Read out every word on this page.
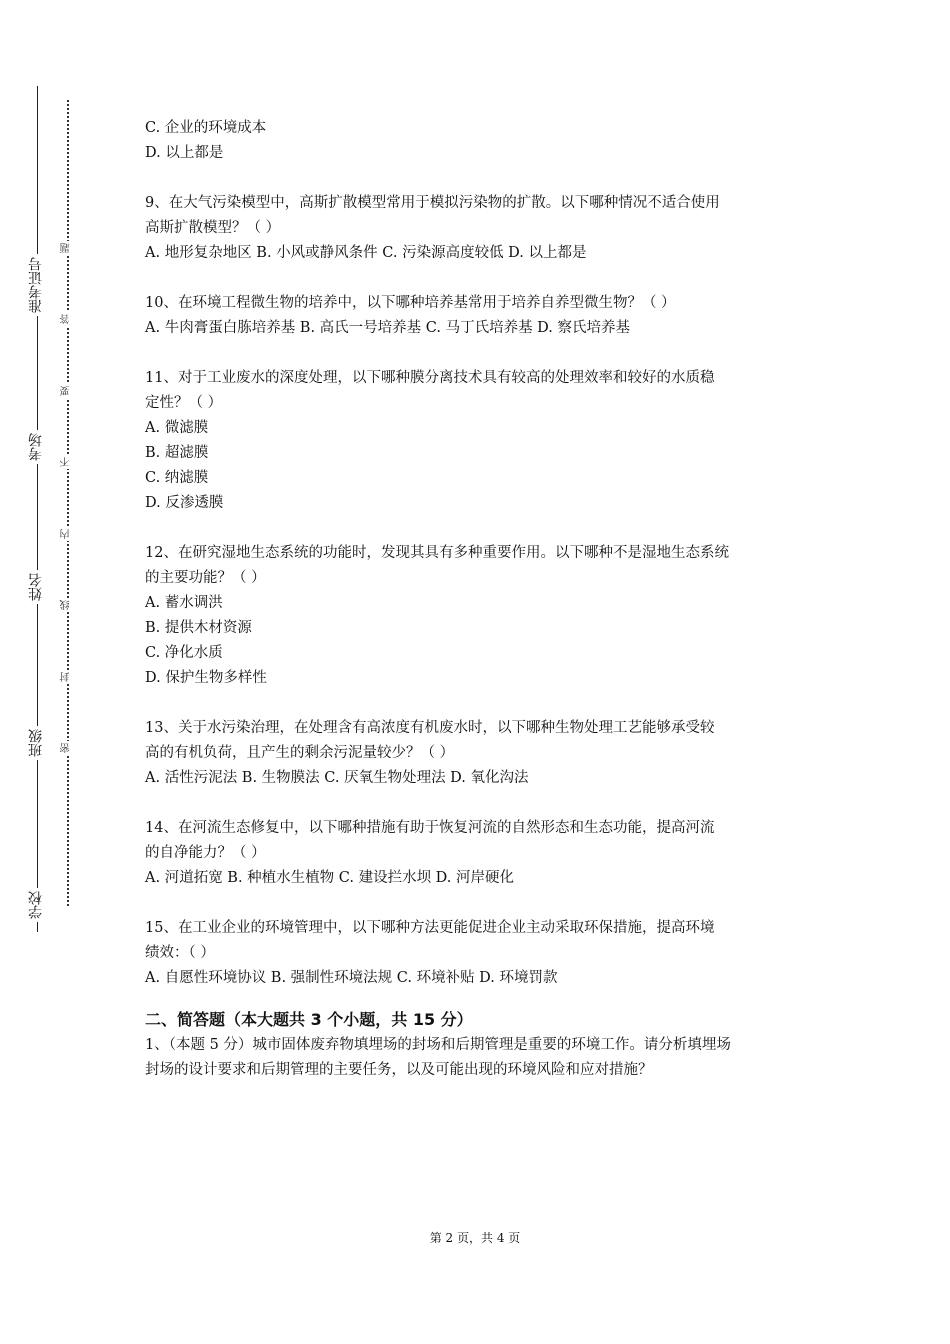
准考证号
考场
姓名
班级
学校
题
答
要
不
内
线
封
密
C. 企业的环境成本
D. 以上都是
9、在大气污染模型中，高斯扩散模型常用于模拟污染物的扩散。以下哪种情况不适合使用
高斯扩散模型？（ ）
A. 地形复杂地区 B. 小风或静风条件 C. 污染源高度较低 D. 以上都是
10、在环境工程微生物的培养中，以下哪种培养基常用于培养自养型微生物？（ ）
A. 牛肉膏蛋白胨培养基 B. 高氏一号培养基 C. 马丁氏培养基 D. 察氏培养基
11、对于工业废水的深度处理，以下哪种膜分离技术具有较高的处理效率和较好的水质稳
定性？（ ）
A. 微滤膜
B. 超滤膜
C. 纳滤膜
D. 反渗透膜
12、在研究湿地生态系统的功能时，发现其具有多种重要作用。以下哪种不是湿地生态系统
的主要功能？（ ）
A. 蓄水调洪
B. 提供木材资源
C. 净化水质
D. 保护生物多样性
13、关于水污染治理，在处理含有高浓度有机废水时，以下哪种生物处理工艺能够承受较
高的有机负荷，且产生的剩余污泥量较少？（ ）
A. 活性污泥法 B. 生物膜法 C. 厌氧生物处理法 D. 氧化沟法
14、在河流生态修复中，以下哪种措施有助于恢复河流的自然形态和生态功能，提高河流
的自净能力？（ ）
A. 河道拓宽 B. 种植水生植物 C. 建设拦水坝 D. 河岸硬化
15、在工业企业的环境管理中，以下哪种方法更能促进企业主动采取环保措施，提高环境
绩效：（ ）
A. 自愿性环境协议 B. 强制性环境法规 C. 环境补贴 D. 环境罚款
二、简答题（本大题共 3 个小题，共 15 分）
1、（本题 5 分）城市固体废弃物填埋场的封场和后期管理是重要的环境工作。请分析填埋场
封场的设计要求和后期管理的主要任务，以及可能出现的环境风险和应对措施？
第 2 页，共 4 页
